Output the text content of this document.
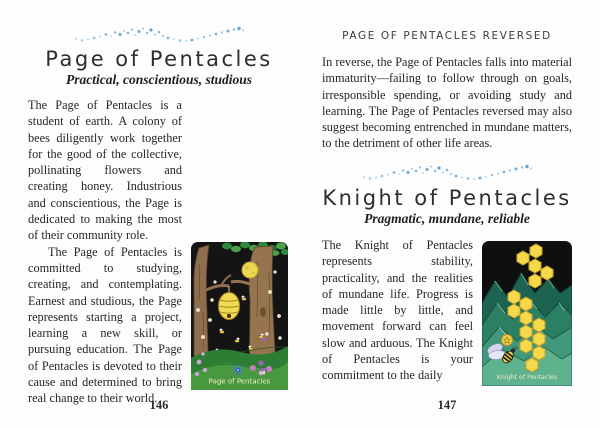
Page of Pentacles
Practical, conscientious, studious
Page of Pentacles

The Page of Pentacles is a student of earth. A colony of bees diligently work together for the good of the collective, pollinating flowers and creating honey. Industrious and conscientious, the Page is dedicated to making the most of their community role.

The Page of Pentacles is committed to studying, creating, and contemplating. Earnest and studious, the Page represents starting a project, learning a new skill, or pursuing education. The Page of Pentacles is devoted to their cause and determined to bring real change to their world.

146
PAGE OF PENTACLES REVERSED

In reverse, the Page of Pentacles falls into material immaturity—failing to follow through on goals, irresponsible spending, or avoiding study and learning. The Page of Pentacles reversed may also suggest becoming entrenched in mundane matters, to the detriment of other life areas.

Knight of Pentacles
Pragmatic, mundane, reliable
Knight of Pentacles

The Knight of Pentacles represents stability, practicality, and the realities of mundane life. Progress is made little by little, and movement forward can feel slow and arduous. The Knight of Pentacles is your commitment to the daily

147
